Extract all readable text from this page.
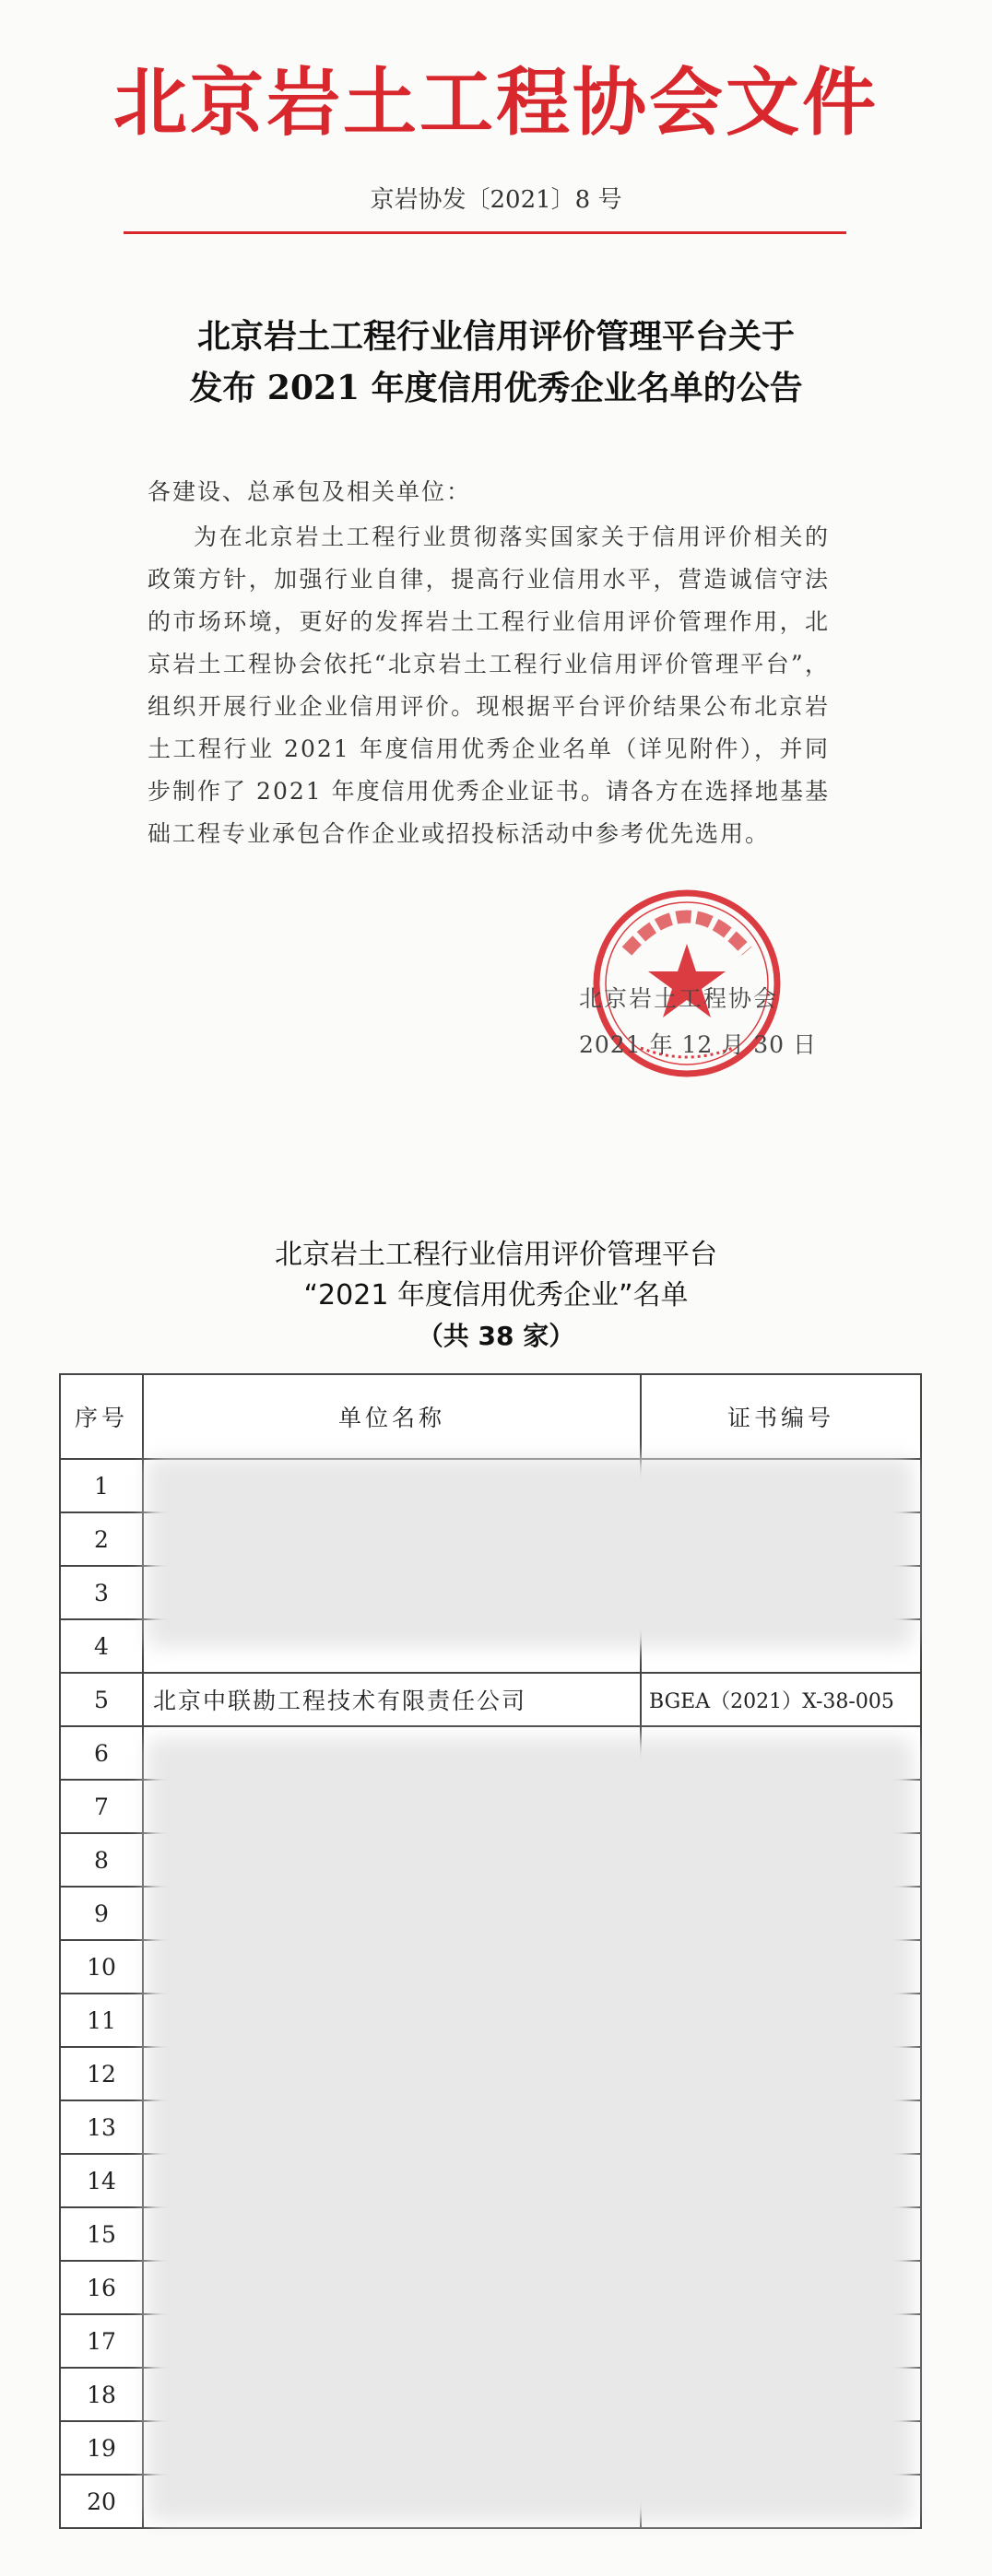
北京岩土工程协会文件
京岩协发〔2021〕8 号
北京岩土工程行业信用评价管理平台关于
发布 2021 年度信用优秀企业名单的公告
各建设、总承包及相关单位：
为在北京岩土工程行业贯彻落实国家关于信用评价相关的政策方针，加强行业自律，提高行业信用水平，营造诚信守法的市场环境，更好的发挥岩土工程行业信用评价管理作用，北京岩土工程协会依托“北京岩土工程行业信用评价管理平台”，组织开展行业企业信用评价。现根据平台评价结果公布北京岩土工程行业 2021 年度信用优秀企业名单（详见附件），并同步制作了 2021 年度信用优秀企业证书。请各方在选择地基基础工程专业承包合作企业或招投标活动中参考优先选用。
北京岩土工程协会
2021 年 12 月 30 日
北京岩土工程行业信用评价管理平台
“2021 年度信用优秀企业”名单
（共 38 家）
序号	单位名称	证书编号
1		
2		
3		
4		
5	北京中联勘工程技术有限责任公司	BGEA（2021）X-38-005
6		
7		
8		
9		
10		
11		
12		
13		
14		
15		
16		
17		
18		
19		
20		
